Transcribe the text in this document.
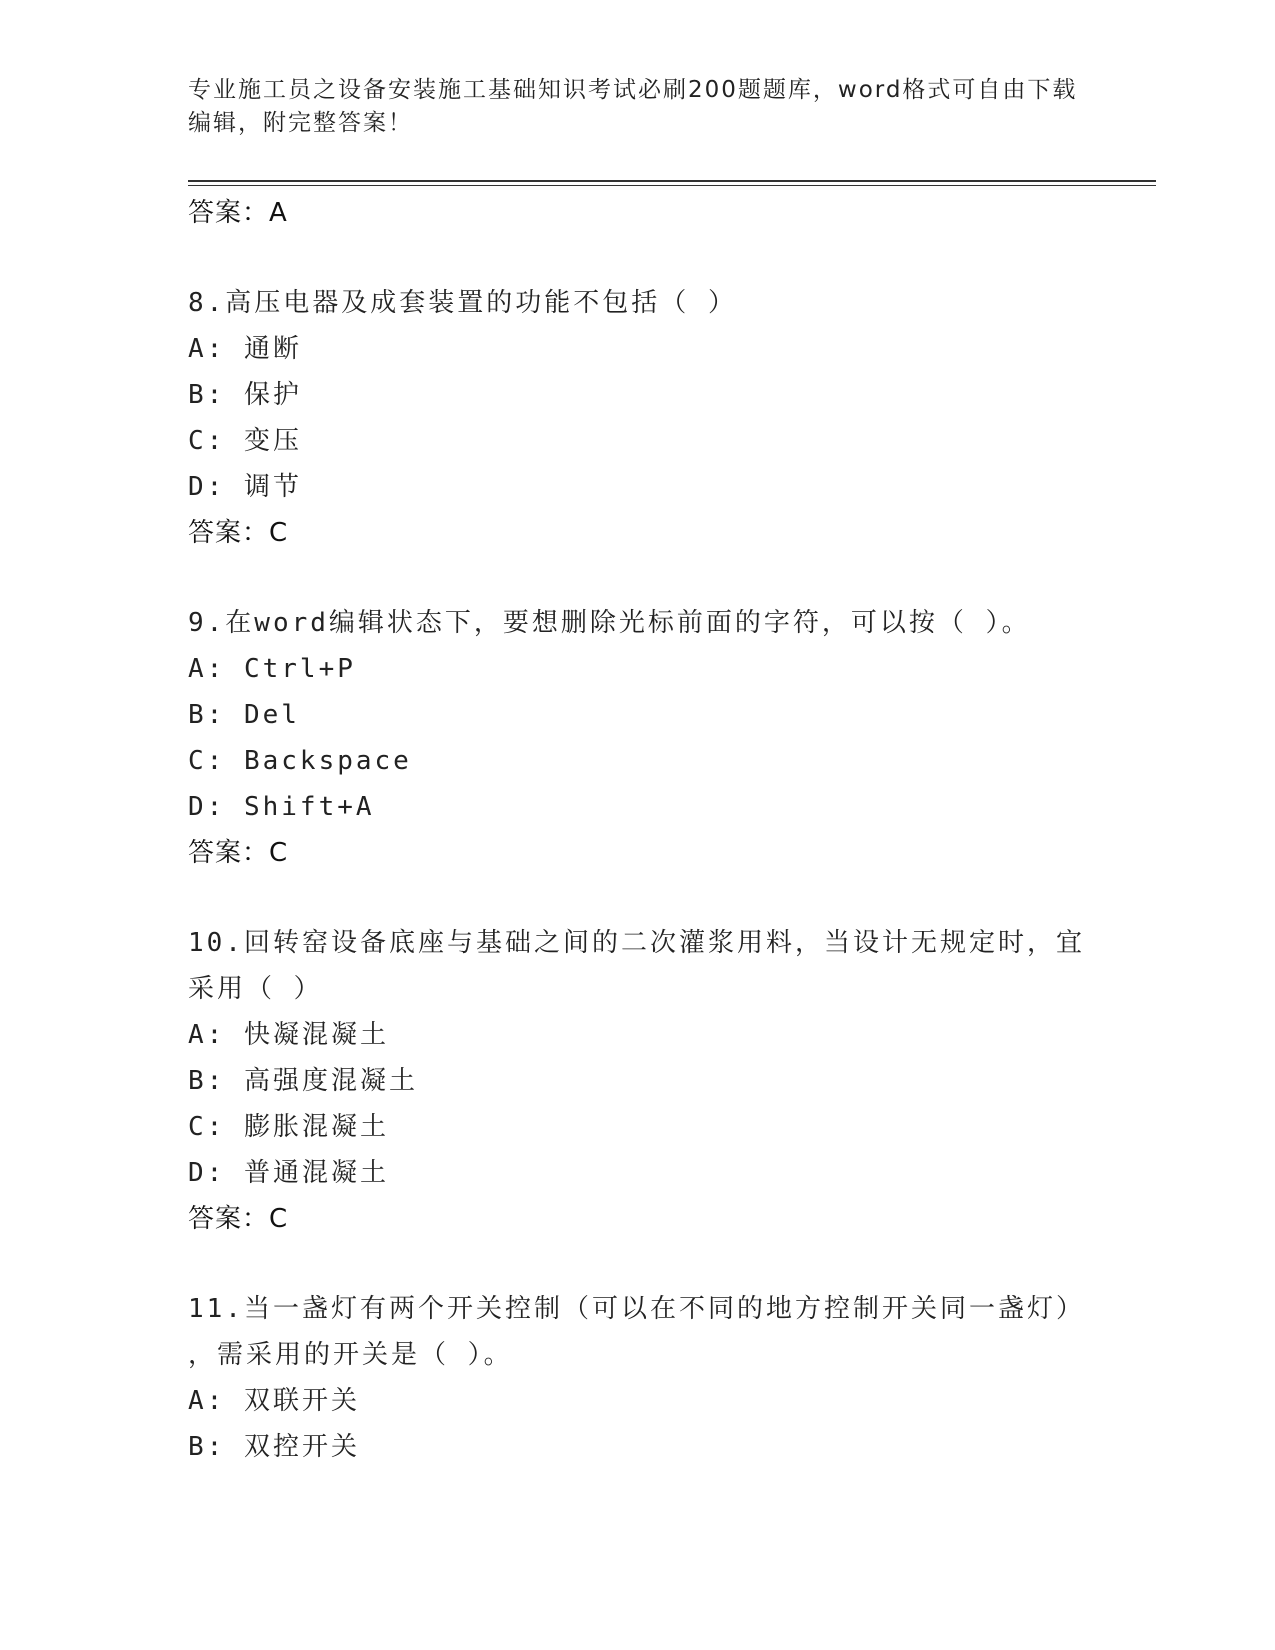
专业施工员之设备安装施工基础知识考试必刷200题题库，word格式可自由下载
编辑，附完整答案！
答案：A
8.高压电器及成套装置的功能不包括（ ）
A: 通断
B: 保护
C: 变压
D: 调节
答案：C
9.在word编辑状态下，要想删除光标前面的字符，可以按（ ）。
A: Ctrl+P
B: Del
C: Backspace
D: Shift+A
答案：C
10.回转窑设备底座与基础之间的二次灌浆用料，当设计无规定时，宜
采用（ ）
A: 快凝混凝土
B: 高强度混凝土
C: 膨胀混凝土
D: 普通混凝土
答案：C
11.当一盏灯有两个开关控制（可以在不同的地方控制开关同一盏灯）
，需采用的开关是（ ）。
A: 双联开关
B: 双控开关
